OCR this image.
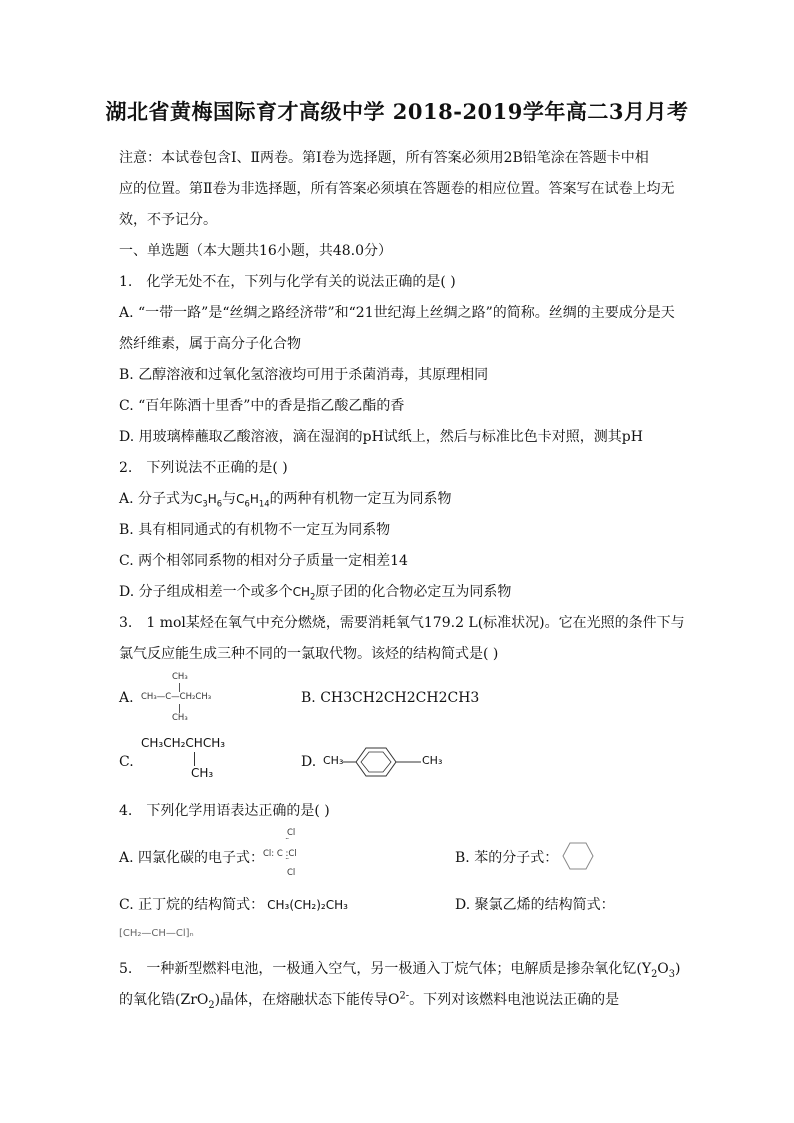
湖北省黄梅国际育才高级中学 2018-2019学年高二3月月考
注意：本试卷包含Ⅰ、Ⅱ两卷。第Ⅰ卷为选择题，所有答案必须用2B铅笔涂在答题卡中相
应的位置。第Ⅱ卷为非选择题，所有答案必须填在答题卷的相应位置。答案写在试卷上均无
效，不予记分。
一、单选题（本大题共16小题，共48.0分）
1.　化学无处不在，下列与化学有关的说法正确的是( )
A. “一带一路”是“丝绸之路经济带”和“21世纪海上丝绸之路”的简称。丝绸的主要成分是天
然纤维素，属于高分子化合物
B. 乙醇溶液和过氧化氢溶液均可用于杀菌消毒，其原理相同
C. “百年陈酒十里香”中的香是指乙酸乙酯的香
D. 用玻璃棒蘸取乙酸溶液，滴在湿润的pH试纸上，然后与标准比色卡对照，测其pH
2.　下列说法不正确的是( )
A. 分子式为$C_3H_6$与$C_6H_{14}$的两种有机物一定互为同系物
B. 具有相同通式的有机物不一定互为同系物
C. 两个相邻同系物的相对分子质量一定相差14
D. 分子组成相差一个或多个$CH_2$原子团的化合物必定互为同系物
3.　1 mol某烃在氧气中充分燃烧，需要消耗氧气179.2 L(标准状况)。它在光照的条件下与
氯气反应能生成三种不同的一氯取代物。该烃的结构简式是( )
A.
CH₃
CH₃—C—CH₂CH₃
CH₃
B. CH3CH2CH2CH2CH3
C.
CH₃CH₂CHCH₃
CH₃
D. CH₃	CH₃
4.　下列化学用语表达正确的是( )
A. 四氯化碳的电子式：
Cl
¨
Cl: C :Cl
¨
Cl
B. 苯的分子式：
C. 正丁烷的结构简式： CH₃(CH₂)₂CH₃	D. 聚氯乙烯的结构简式：
[CH₂—CH—Cl]ₙ
5.　一种新型燃料电池，一极通入空气，另一极通入丁烷气体；电解质是掺杂氧化钇$(Y_2O_3)$
的氧化锆(ZrO$_2$)晶体，在熔融状态下能传导$O^{2-}$。下列对该燃料电池说法正确的是
